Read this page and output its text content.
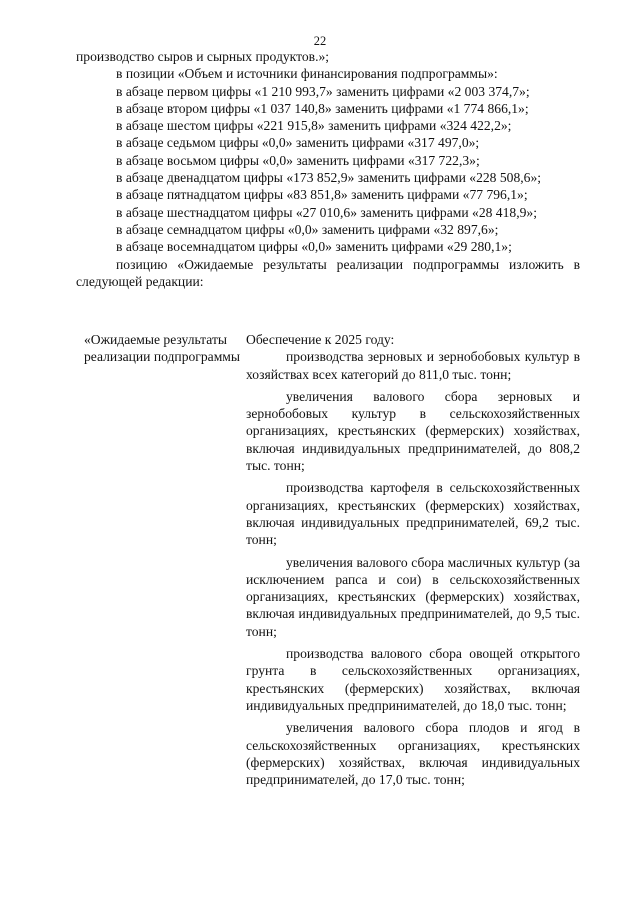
22

производство сыров и сырных продуктов.»;

в позиции «Объем и источники финансирования подпрограммы»:

в абзаце первом цифры «1 210 993,7» заменить цифрами «2 003 374,7»;

в абзаце втором цифры «1 037 140,8» заменить цифрами «1 774 866,1»;

в абзаце шестом цифры «221 915,8» заменить цифрами «324 422,2»;

в абзаце седьмом цифры «0,0» заменить цифрами «317 497,0»;

в абзаце восьмом цифры «0,0» заменить цифрами «317 722,3»;

в абзаце двенадцатом цифры «173 852,9» заменить цифрами «228 508,6»;

в абзаце пятнадцатом цифры «83 851,8» заменить цифрами «77 796,1»;

в абзаце шестнадцатом цифры «27 010,6» заменить цифрами «28 418,9»;

в абзаце семнадцатом цифры «0,0» заменить цифрами «32 897,6»;

в абзаце восемнадцатом цифры «0,0» заменить цифрами «29 280,1»;

позицию «Ожидаемые результаты реализации подпрограммы изложить в следующей редакции:

«Ожидаемые результаты реализации подпрограммы

Обеспечение к 2025 году:

производства зерновых и зернобобовых культур в хозяйствах всех категорий до 811,0 тыс. тонн;

увеличения валового сбора зерновых и зернобобовых культур в сельскохозяйственных организациях, крестьянских (фермерских) хозяйствах, включая индивидуальных предпринимателей, до 808,2 тыс. тонн;

производства картофеля в сельскохозяйственных организациях, крестьянских (фермерских) хозяйствах, включая индивидуальных предпринимателей, 69,2 тыс. тонн;

увеличения валового сбора масличных культур (за исключением рапса и сои) в сельскохозяйственных организациях, крестьянских (фермерских) хозяйствах, включая индивидуальных предпринимателей, до 9,5 тыс. тонн;

производства валового сбора овощей открытого грунта в сельскохозяйственных организациях, крестьянских (фермерских) хозяйствах, включая индивидуальных предпринимателей, до 18,0 тыс. тонн;

увеличения валового сбора плодов и ягод в сельскохозяйственных организациях, крестьянских (фермерских) хозяйствах, включая индивидуальных предпринимателей, до 17,0 тыс. тонн;
